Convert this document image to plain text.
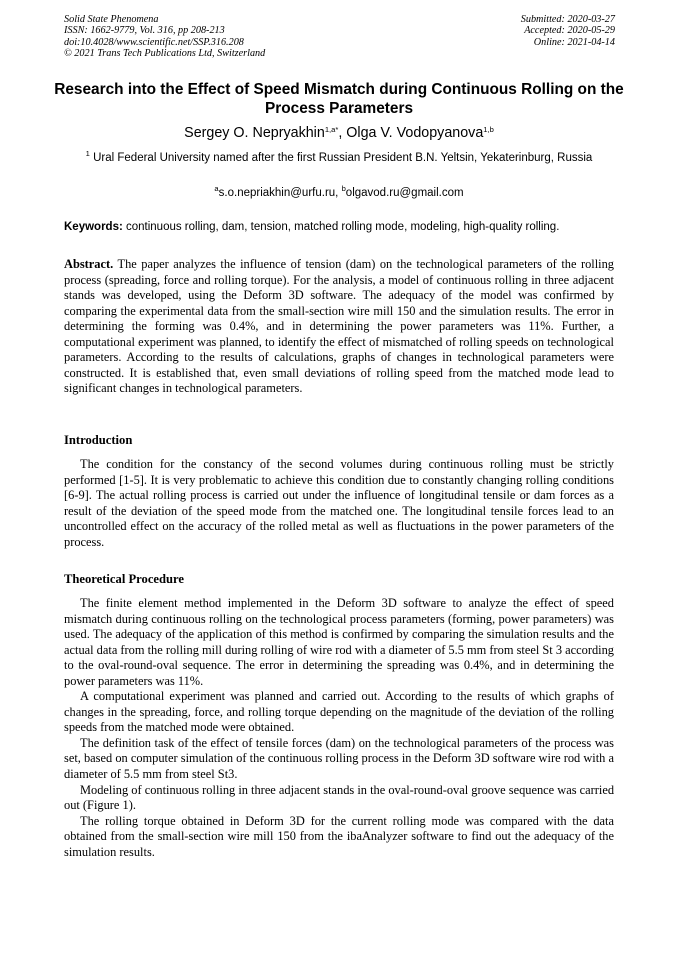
Solid State Phenomena
ISSN: 1662-9779, Vol. 316, pp 208-213
doi:10.4028/www.scientific.net/SSP.316.208
© 2021 Trans Tech Publications Ltd, Switzerland
Submitted: 2020-03-27
Accepted: 2020-05-29
Online: 2021-04-14
Research into the Effect of Speed Mismatch during Continuous Rolling on the Process Parameters
Sergey O. Nepryakhin$^{1,a*}$, Olga V. Vodopyanova$^{1,b}$
$^1$ Ural Federal University named after the first Russian President B.N. Yeltsin, Yekaterinburg, Russia
$^a$s.o.nepriakhin@urfu.ru, $^b$olgavod.ru@gmail.com
Keywords: continuous rolling, dam, tension, matched rolling mode, modeling, high-quality rolling.
Abstract. The paper analyzes the influence of tension (dam) on the technological parameters of the rolling process (spreading, force and rolling torque). For the analysis, a model of continuous rolling in three adjacent stands was developed, using the Deform 3D software. The adequacy of the model was confirmed by comparing the experimental data from the small-section wire mill 150 and the simulation results. The error in determining the forming was 0.4%, and in determining the power parameters was 11%. Further, a computational experiment was planned, to identify the effect of mismatched of rolling speeds on technological parameters. According to the results of calculations, graphs of changes in technological parameters were constructed. It is established that, even small deviations of rolling speed from the matched mode lead to significant changes in technological parameters.
Introduction

The condition for the constancy of the second volumes during continuous rolling must be strictly performed [1-5]. It is very problematic to achieve this condition due to constantly changing rolling conditions [6-9]. The actual rolling process is carried out under the influence of longitudinal tensile or dam forces as a result of the deviation of the speed mode from the matched one. The longitudinal tensile forces lead to an uncontrolled effect on the accuracy of the rolled metal as well as fluctuations in the power parameters of the process.

Theoretical Procedure

The finite element method implemented in the Deform 3D software to analyze the effect of speed mismatch during continuous rolling on the technological process parameters (forming, power parameters) was used. The adequacy of the application of this method is confirmed by comparing the simulation results and the actual data from the rolling mill during rolling of wire rod with a diameter of 5.5 mm from steel St 3 according to the oval-round-oval sequence. The error in determining the spreading was 0.4%, and in determining the power parameters was 11%.

A computational experiment was planned and carried out. According to the results of which graphs of changes in the spreading, force, and rolling torque depending on the magnitude of the deviation of the rolling speeds from the matched mode were obtained.

The definition task of the effect of tensile forces (dam) on the technological parameters of the process was set, based on computer simulation of the continuous rolling process in the Deform 3D software wire rod with a diameter of 5.5 mm from steel St3.

Modeling of continuous rolling in three adjacent stands in the oval-round-oval groove sequence was carried out (Figure 1).

The rolling torque obtained in Deform 3D for the current rolling mode was compared with the data obtained from the small-section wire mill 150 from the ibaAnalyzer software to find out the adequacy of the simulation results.
